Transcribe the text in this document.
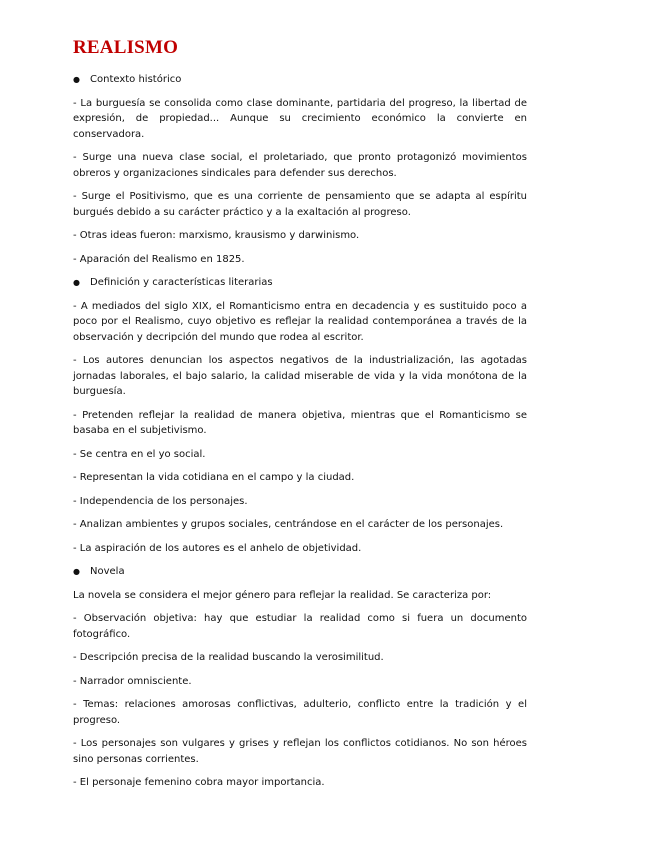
REALISMO
●	Contexto histórico

- La burguesía se consolida como clase dominante, partidaria del progreso, la libertad de expresión, de propiedad... Aunque su crecimiento económico la convierte en conservadora.

- Surge una nueva clase social, el proletariado, que pronto protagonizó movimientos obreros y organizaciones sindicales para defender sus derechos.

- Surge el Positivismo, que es una corriente de pensamiento que se adapta al espíritu burgués debido a su carácter práctico y a la exaltación al progreso.

- Otras ideas fueron: marxismo, krausismo y darwinismo.

- Aparación del Realismo en 1825.

●	Definición y características literarias

- A mediados del siglo XIX, el Romanticismo entra en decadencia y es sustituido poco a poco por el Realismo, cuyo objetivo es reflejar la realidad contemporánea a través de la observación y decripción del mundo que rodea al escritor.

- Los autores denuncian los aspectos negativos de la industrialización, las agotadas jornadas laborales, el bajo salario, la calidad miserable de vida y la vida monótona de la burguesía.

- Pretenden reflejar la realidad de manera objetiva, mientras que el Romanticismo se basaba en el subjetivismo.

- Se centra en el yo social.

- Representan la vida cotidiana en el campo y la ciudad.

- Independencia de los personajes.

- Analizan ambientes y grupos sociales, centrándose en el carácter de los personajes.

- La aspiración de los autores es el anhelo de objetividad.

●	Novela

La novela se considera el mejor género para reflejar la realidad. Se caracteriza por:

- Observación objetiva: hay que estudiar la realidad como si fuera un documento fotográfico.

- Descripción precisa de la realidad buscando la verosimilitud.

- Narrador omnisciente.

- Temas: relaciones amorosas conflictivas, adulterio, conflicto entre la tradición y el progreso.

- Los personajes son vulgares y grises y reflejan los conflictos cotidianos. No son héroes sino personas corrientes.

- El personaje femenino cobra mayor importancia.
